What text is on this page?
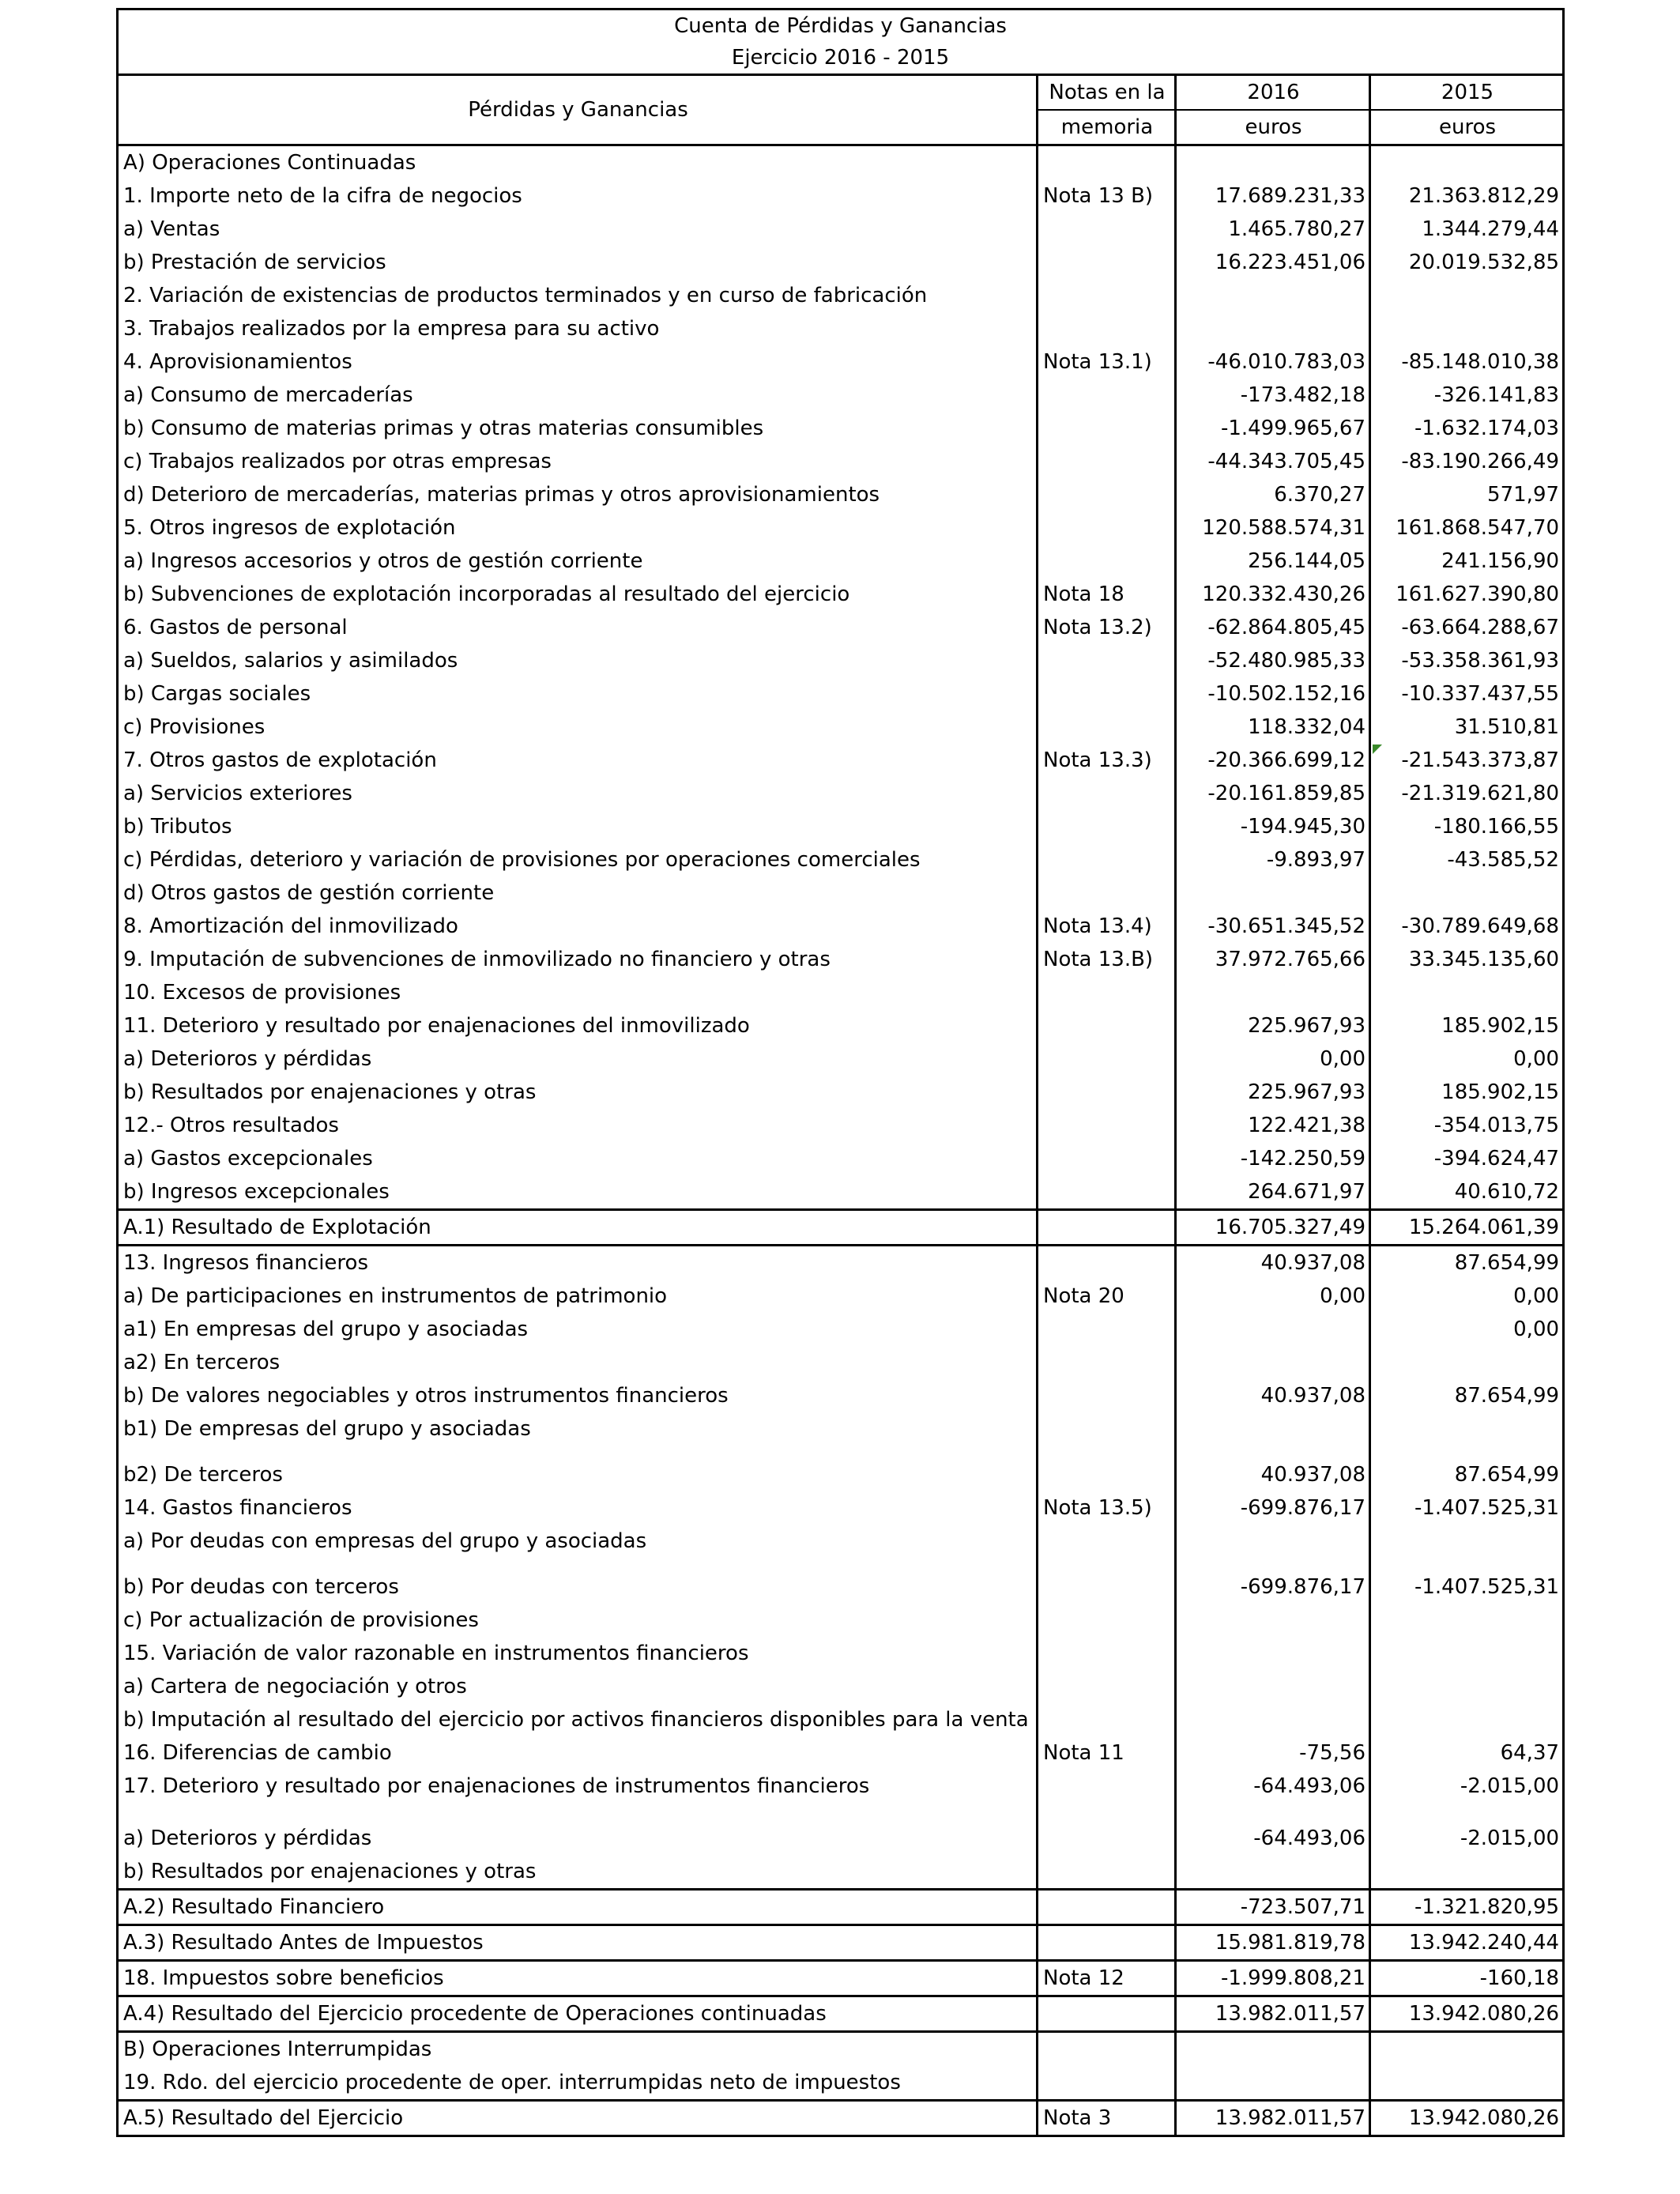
Cuenta de Pérdidas y Ganancias			
Ejercicio 2016 - 2015			
Pérdidas y Ganancias	Notas en la	2016	2015
	memoria	euros	euros
A) Operaciones Continuadas			
1. Importe neto de la cifra de negocios	Nota 13 B)	17.689.231,33	21.363.812,29
a) Ventas		1.465.780,27	1.344.279,44
b) Prestación de servicios		16.223.451,06	20.019.532,85
2. Variación de existencias de productos terminados y en curso de fabricación			
3. Trabajos realizados por la empresa para su activo			
4. Aprovisionamientos	Nota 13.1)	-46.010.783,03	-85.148.010,38
a) Consumo de mercaderías		-173.482,18	-326.141,83
b) Consumo de materias primas y otras materias consumibles		-1.499.965,67	-1.632.174,03
c) Trabajos realizados por otras empresas		-44.343.705,45	-83.190.266,49
d) Deterioro de mercaderías, materias primas y otros aprovisionamientos		6.370,27	571,97
5. Otros ingresos de explotación		120.588.574,31	161.868.547,70
a) Ingresos accesorios y otros de gestión corriente		256.144,05	241.156,90
b) Subvenciones de explotación incorporadas al resultado del ejercicio	Nota 18	120.332.430,26	161.627.390,80
6. Gastos de personal	Nota 13.2)	-62.864.805,45	-63.664.288,67
a) Sueldos, salarios y asimilados		-52.480.985,33	-53.358.361,93
b) Cargas sociales		-10.502.152,16	-10.337.437,55
c) Provisiones		118.332,04	31.510,81
7. Otros gastos de explotación	Nota 13.3)	-20.366.699,12	-21.543.373,87
a) Servicios exteriores		-20.161.859,85	-21.319.621,80
b) Tributos		-194.945,30	-180.166,55
c) Pérdidas, deterioro y variación de provisiones por operaciones comerciales		-9.893,97	-43.585,52
d) Otros gastos de gestión corriente			
8. Amortización del inmovilizado	Nota 13.4)	-30.651.345,52	-30.789.649,68
9. Imputación de subvenciones de inmovilizado no financiero y otras	Nota 13.B)	37.972.765,66	33.345.135,60
10. Excesos de provisiones			
11. Deterioro y resultado por enajenaciones del inmovilizado		225.967,93	185.902,15
a) Deterioros y pérdidas		0,00	0,00
b) Resultados por enajenaciones y otras		225.967,93	185.902,15
12.- Otros resultados		122.421,38	-354.013,75
a) Gastos excepcionales		-142.250,59	-394.624,47
b) Ingresos excepcionales		264.671,97	40.610,72
A.1) Resultado de Explotación		16.705.327,49	15.264.061,39
13. Ingresos financieros		40.937,08	87.654,99
a) De participaciones en instrumentos de patrimonio	Nota 20	0,00	0,00
a1) En empresas del grupo y asociadas			0,00
a2) En terceros			
b) De valores negociables y otros instrumentos financieros		40.937,08	87.654,99
b1) De empresas del grupo y asociadas			
b2) De terceros		40.937,08	87.654,99
14. Gastos financieros	Nota 13.5)	-699.876,17	-1.407.525,31
a) Por deudas con empresas del grupo y asociadas			
b) Por deudas con terceros		-699.876,17	-1.407.525,31
c) Por actualización de provisiones			
15. Variación de valor razonable en instrumentos financieros			
a) Cartera de negociación y otros			
b) Imputación al resultado del ejercicio por activos financieros disponibles para la venta			
16. Diferencias de cambio	Nota 11	-75,56	64,37
17. Deterioro y resultado por enajenaciones de instrumentos financieros		-64.493,06	-2.015,00
a) Deterioros y pérdidas		-64.493,06	-2.015,00
b) Resultados por enajenaciones y otras			
A.2) Resultado Financiero		-723.507,71	-1.321.820,95
A.3) Resultado Antes de Impuestos		15.981.819,78	13.942.240,44
18. Impuestos sobre beneficios	Nota 12	-1.999.808,21	-160,18
A.4) Resultado del Ejercicio procedente de Operaciones continuadas		13.982.011,57	13.942.080,26
B) Operaciones Interrumpidas			
19. Rdo. del ejercicio procedente de oper. interrumpidas neto de impuestos			
A.5) Resultado del Ejercicio	Nota 3	13.982.011,57	13.942.080,26
